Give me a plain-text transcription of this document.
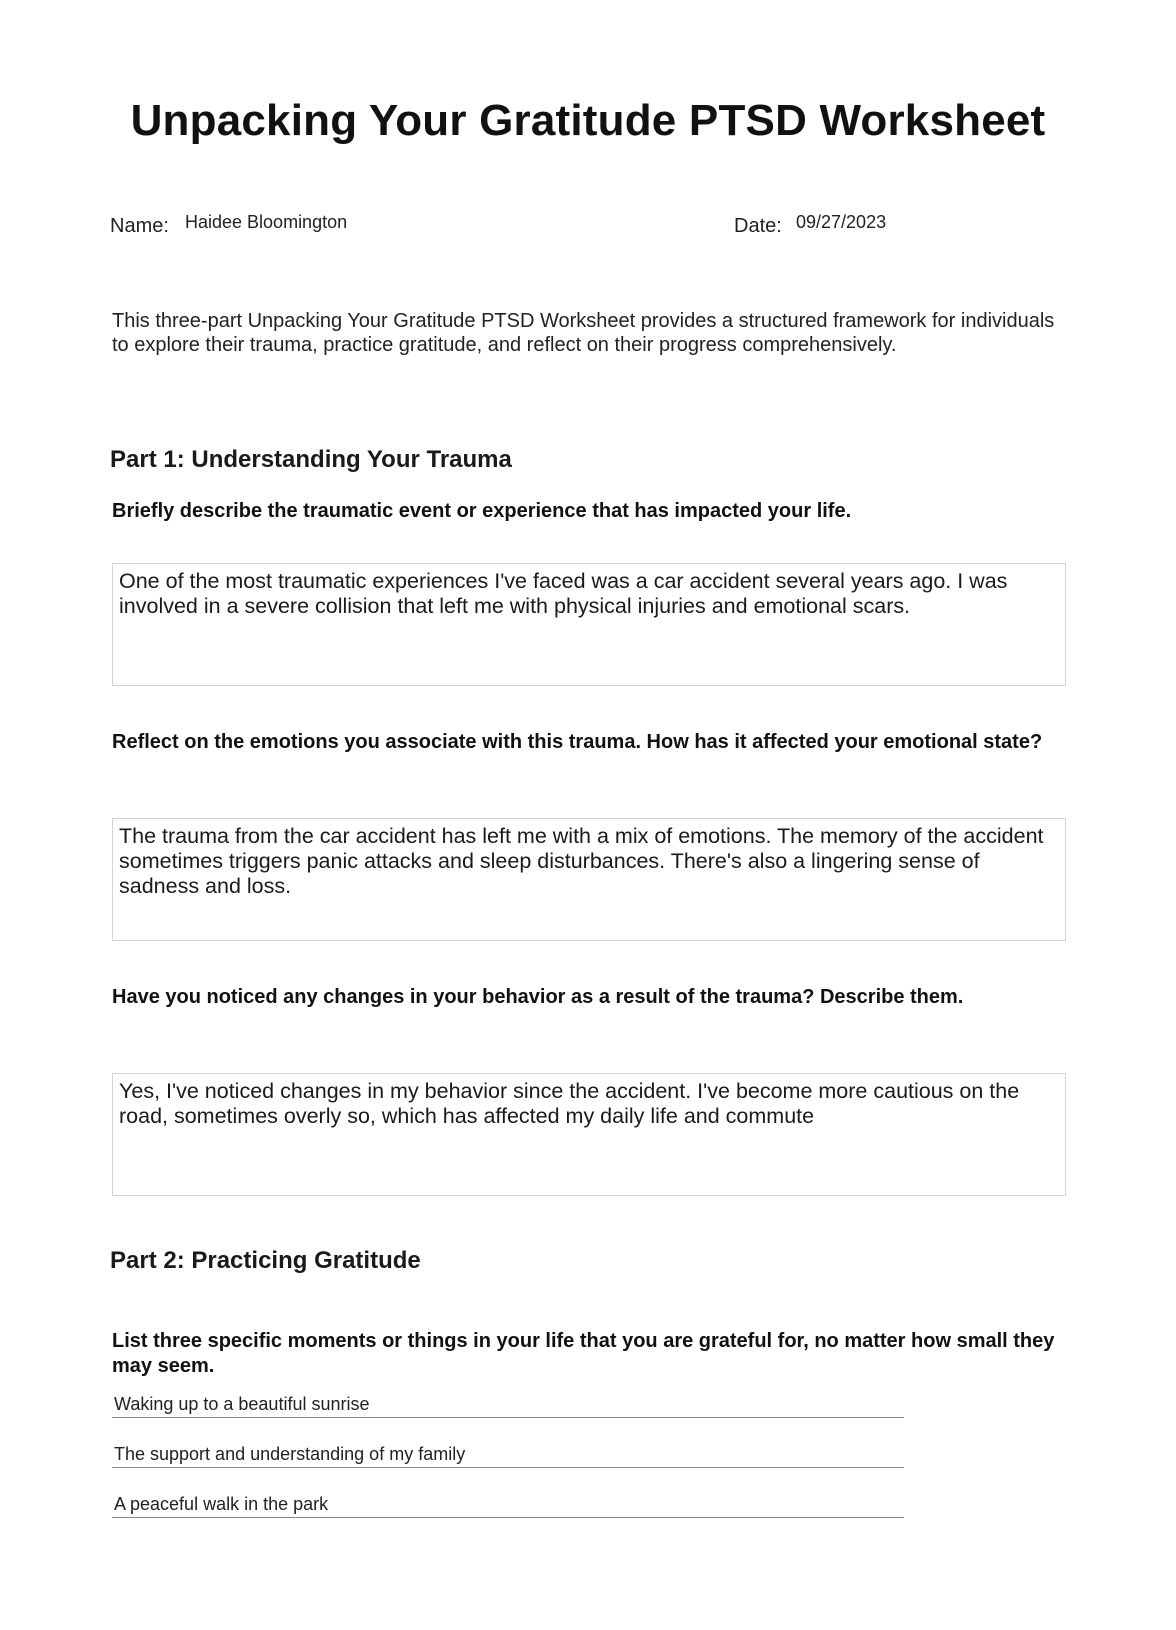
Unpacking Your Gratitude PTSD Worksheet
Name: Haidee Bloomington	Date: 09/27/2023
This three-part Unpacking Your Gratitude PTSD Worksheet provides a structured framework for individuals to explore their trauma, practice gratitude, and reflect on their progress comprehensively.
Part 1: Understanding Your Trauma
Briefly describe the traumatic event or experience that has impacted your life.
One of the most traumatic experiences I've faced was a car accident several years ago. I was involved in a severe collision that left me with physical injuries and emotional scars.
Reflect on the emotions you associate with this trauma. How has it affected your emotional state?
The trauma from the car accident has left me with a mix of emotions. The memory of the accident sometimes triggers panic attacks and sleep disturbances. There's also a lingering sense of sadness and loss.
Have you noticed any changes in your behavior as a result of the trauma? Describe them.
Yes, I've noticed changes in my behavior since the accident. I've become more cautious on the road, sometimes overly so, which has affected my daily life and commute
Part 2: Practicing Gratitude
List three specific moments or things in your life that you are grateful for, no matter how small they may seem.
Waking up to a beautiful sunrise
The support and understanding of my family
A peaceful walk in the park
